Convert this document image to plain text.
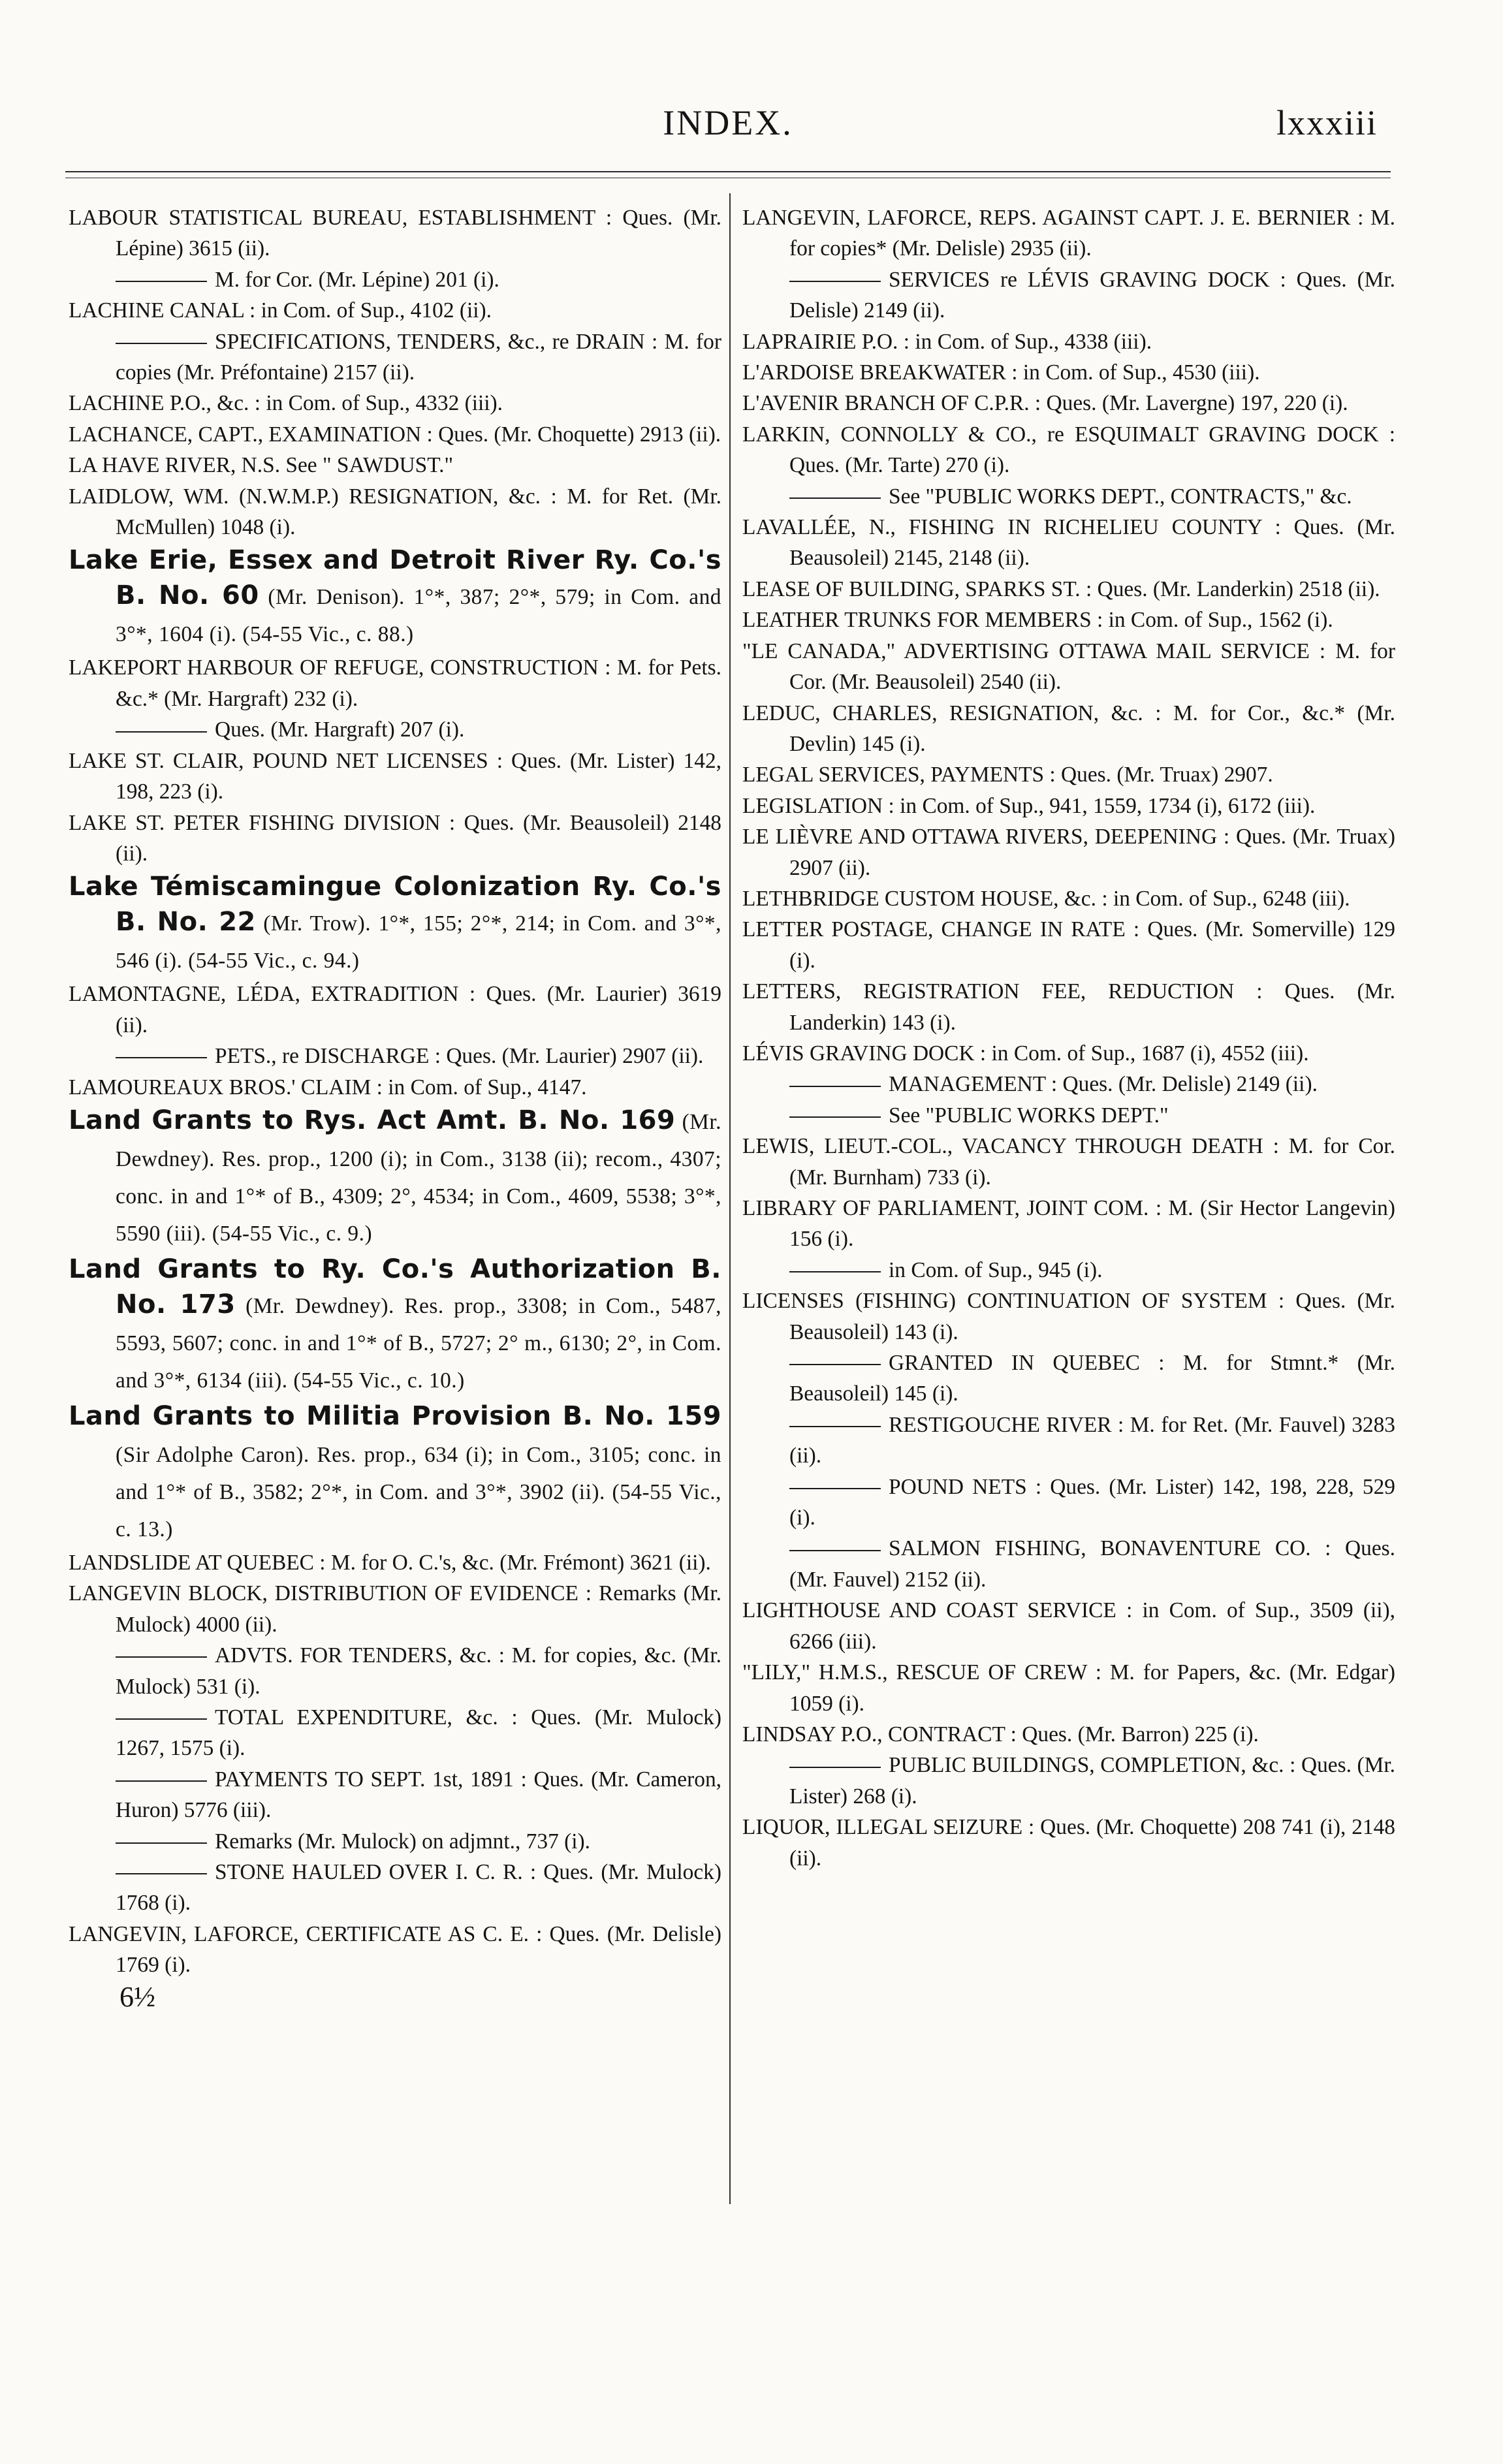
INDEX.	lxxxiii
LABOUR STATISTICAL BUREAU, ESTABLISHMENT : Ques. (Mr. Lépine) 3615 (ii).
M. for Cor. (Mr. Lépine) 201 (i).
LACHINE CANAL : in Com. of Sup., 4102 (ii).
SPECIFICATIONS, TENDERS, &c., re DRAIN : M. for copies (Mr. Préfontaine) 2157 (ii).
LACHINE P.O., &c. : in Com. of Sup., 4332 (iii).
LACHANCE, CAPT., EXAMINATION : Ques. (Mr. Choquette) 2913 (ii).
LA HAVE RIVER, N.S. See " SAWDUST."
LAIDLOW, WM. (N.W.M.P.) RESIGNATION, &c. : M. for Ret. (Mr. McMullen) 1048 (i).
Lake Erie, Essex and Detroit River Ry. Co.'s B. No. 60 (Mr. Denison). 1°*, 387; 2°*, 579; in Com. and 3°*, 1604 (i). (54-55 Vic., c. 88.)
LAKEPORT HARBOUR OF REFUGE, CONSTRUCTION : M. for Pets. &c.* (Mr. Hargraft) 232 (i).
Ques. (Mr. Hargraft) 207 (i).
LAKE ST. CLAIR, POUND NET LICENSES : Ques. (Mr. Lister) 142, 198, 223 (i).
LAKE ST. PETER FISHING DIVISION : Ques. (Mr. Beausoleil) 2148 (ii).
Lake Témiscamingue Colonization Ry. Co.'s B. No. 22 (Mr. Trow). 1°*, 155; 2°*, 214; in Com. and 3°*, 546 (i). (54-55 Vic., c. 94.)
LAMONTAGNE, LÉDA, EXTRADITION : Ques. (Mr. Laurier) 3619 (ii).
PETS., re DISCHARGE : Ques. (Mr. Laurier) 2907 (ii).
LAMOUREAUX BROS.' CLAIM : in Com. of Sup., 4147.
Land Grants to Rys. Act Amt. B. No. 169 (Mr. Dewdney). Res. prop., 1200 (i); in Com., 3138 (ii); recom., 4307; conc. in and 1°* of B., 4309; 2°, 4534; in Com., 4609, 5538; 3°*, 5590 (iii). (54-55 Vic., c. 9.)
Land Grants to Ry. Co.'s Authorization B. No. 173 (Mr. Dewdney). Res. prop., 3308; in Com., 5487, 5593, 5607; conc. in and 1°* of B., 5727; 2° m., 6130; 2°, in Com. and 3°*, 6134 (iii). (54-55 Vic., c. 10.)
Land Grants to Militia Provision B. No. 159 (Sir Adolphe Caron). Res. prop., 634 (i); in Com., 3105; conc. in and 1°* of B., 3582; 2°*, in Com. and 3°*, 3902 (ii). (54-55 Vic., c. 13.)
LANDSLIDE AT QUEBEC : M. for O. C.'s, &c. (Mr. Frémont) 3621 (ii).
LANGEVIN BLOCK, DISTRIBUTION OF EVIDENCE : Remarks (Mr. Mulock) 4000 (ii).
ADVTS. FOR TENDERS, &c. : M. for copies, &c. (Mr. Mulock) 531 (i).
TOTAL EXPENDITURE, &c. : Ques. (Mr. Mulock) 1267, 1575 (i).
PAYMENTS TO SEPT. 1st, 1891 : Ques. (Mr. Cameron, Huron) 5776 (iii).
Remarks (Mr. Mulock) on adjmnt., 737 (i).
STONE HAULED OVER I. C. R. : Ques. (Mr. Mulock) 1768 (i).
LANGEVIN, LAFORCE, CERTIFICATE AS C. E. : Ques. (Mr. Delisle) 1769 (i).
6½
LANGEVIN, LAFORCE, REPS. AGAINST CAPT. J. E. BERNIER : M. for copies* (Mr. Delisle) 2935 (ii).
SERVICES re LÉVIS GRAVING DOCK : Ques. (Mr. Delisle) 2149 (ii).
LAPRAIRIE P.O. : in Com. of Sup., 4338 (iii).
L'ARDOISE BREAKWATER : in Com. of Sup., 4530 (iii).
L'AVENIR BRANCH OF C.P.R. : Ques. (Mr. Lavergne) 197, 220 (i).
LARKIN, CONNOLLY & CO., re ESQUIMALT GRAVING DOCK : Ques. (Mr. Tarte) 270 (i).
See "PUBLIC WORKS DEPT., CONTRACTS," &c.
LAVALLÉE, N., FISHING IN RICHELIEU COUNTY : Ques. (Mr. Beausoleil) 2145, 2148 (ii).
LEASE OF BUILDING, SPARKS ST. : Ques. (Mr. Landerkin) 2518 (ii).
LEATHER TRUNKS FOR MEMBERS : in Com. of Sup., 1562 (i).
"LE CANADA," ADVERTISING OTTAWA MAIL SERVICE : M. for Cor. (Mr. Beausoleil) 2540 (ii).
LEDUC, CHARLES, RESIGNATION, &c. : M. for Cor., &c.* (Mr. Devlin) 145 (i).
LEGAL SERVICES, PAYMENTS : Ques. (Mr. Truax) 2907.
LEGISLATION : in Com. of Sup., 941, 1559, 1734 (i), 6172 (iii).
LE LIÈVRE AND OTTAWA RIVERS, DEEPENING : Ques. (Mr. Truax) 2907 (ii).
LETHBRIDGE CUSTOM HOUSE, &c. : in Com. of Sup., 6248 (iii).
LETTER POSTAGE, CHANGE IN RATE : Ques. (Mr. Somerville) 129 (i).
LETTERS, REGISTRATION FEE, REDUCTION : Ques. (Mr. Landerkin) 143 (i).
LÉVIS GRAVING DOCK : in Com. of Sup., 1687 (i), 4552 (iii).
MANAGEMENT : Ques. (Mr. Delisle) 2149 (ii).
See "PUBLIC WORKS DEPT."
LEWIS, LIEUT.-COL., VACANCY THROUGH DEATH : M. for Cor. (Mr. Burnham) 733 (i).
LIBRARY OF PARLIAMENT, JOINT COM. : M. (Sir Hector Langevin) 156 (i).
in Com. of Sup., 945 (i).
LICENSES (FISHING) CONTINUATION OF SYSTEM : Ques. (Mr. Beausoleil) 143 (i).
GRANTED IN QUEBEC : M. for Stmnt.* (Mr. Beausoleil) 145 (i).
RESTIGOUCHE RIVER : M. for Ret. (Mr. Fauvel) 3283 (ii).
POUND NETS : Ques. (Mr. Lister) 142, 198, 228, 529 (i).
SALMON FISHING, BONAVENTURE CO. : Ques. (Mr. Fauvel) 2152 (ii).
LIGHTHOUSE AND COAST SERVICE : in Com. of Sup., 3509 (ii), 6266 (iii).
"LILY," H.M.S., RESCUE OF CREW : M. for Papers, &c. (Mr. Edgar) 1059 (i).
LINDSAY P.O., CONTRACT : Ques. (Mr. Barron) 225 (i).
PUBLIC BUILDINGS, COMPLETION, &c. : Ques. (Mr. Lister) 268 (i).
LIQUOR, ILLEGAL SEIZURE : Ques. (Mr. Choquette) 208 741 (i), 2148 (ii).
